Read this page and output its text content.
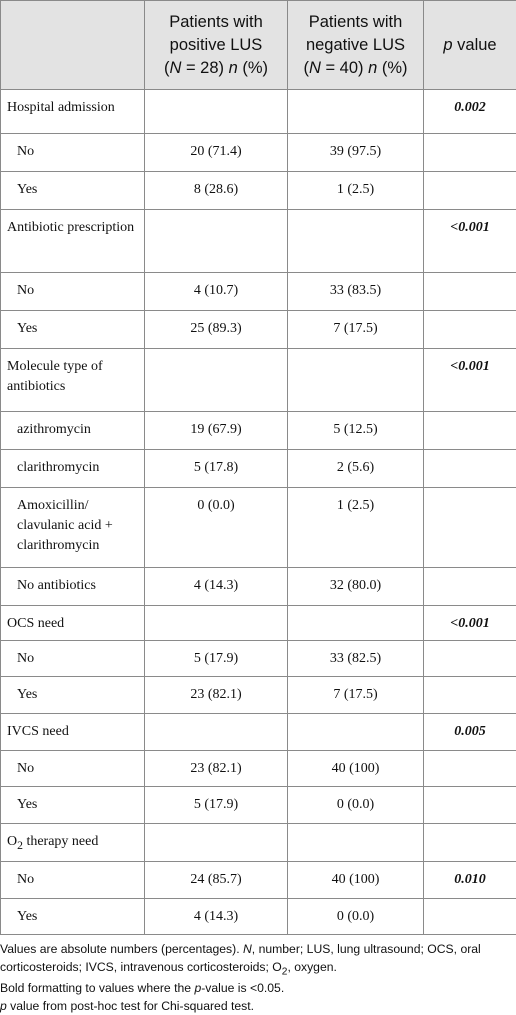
	Patients with
positive LUS
(N = 28) n (%)	Patients with
negative LUS
(N = 40) n (%)	p value
Hospital admission			0.002
No	20 (71.4)	39 (97.5)	
Yes	8 (28.6)	1 (2.5)	
Antibiotic prescription			<0.001
No	4 (10.7)	33 (83.5)	
Yes	25 (89.3)	7 (17.5)	
Molecule type of antibiotics			<0.001
azithromycin	19 (67.9)	5 (12.5)	
clarithromycin	5 (17.8)	2 (5.6)	
Amoxicillin/ clavulanic acid + clarithromycin	0 (0.0)	1 (2.5)	
No antibiotics	4 (14.3)	32 (80.0)	
OCS need			<0.001
No	5 (17.9)	33 (82.5)	
Yes	23 (82.1)	7 (17.5)	
IVCS need			0.005
No	23 (82.1)	40 (100)	
Yes	5 (17.9)	0 (0.0)	
$O_2$ therapy need			
No	24 (85.7)	40 (100)	0.010
Yes	4 (14.3)	0 (0.0)	

Values are absolute numbers (percentages). N, number; LUS, lung ultrasound; OCS, oral corticosteroids; IVCS, intravenous corticosteroids; $O_2$, oxygen.

Bold formatting to values where the p-value is <0.05.

p value from post-hoc test for Chi-squared test.
